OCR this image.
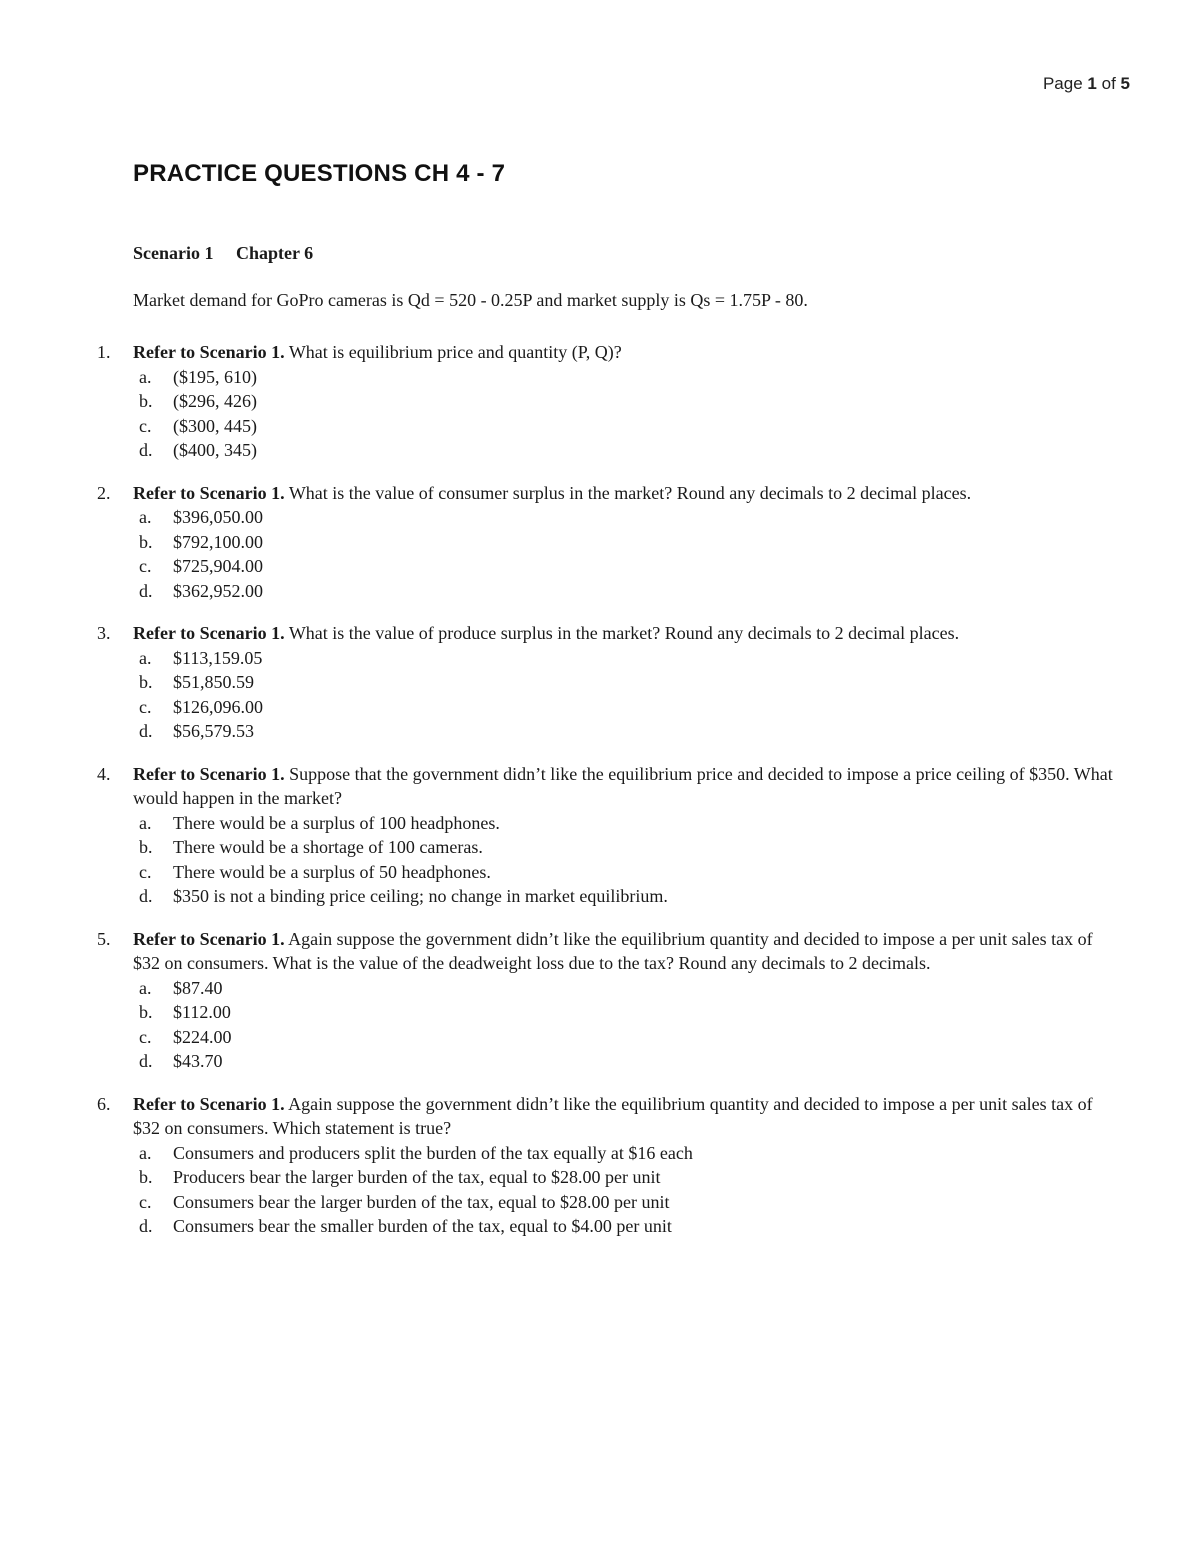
Page 1 of 5
PRACTICE QUESTIONS CH 4 - 7
Scenario 1 Chapter 6
Market demand for GoPro cameras is Qd = 520 - 0.25P and market supply is Qs = 1.75P - 80.
1.	Refer to Scenario 1. What is equilibrium price and quantity (P, Q)?
a. ($195, 610)
b. ($296, 426)
c. ($300, 445)
d. ($400, 345)
2.	Refer to Scenario 1. What is the value of consumer surplus in the market? Round any decimals to 2 decimal places.
a. $396,050.00
b. $792,100.00
c. $725,904.00
d. $362,952.00
3.	Refer to Scenario 1. What is the value of produce surplus in the market? Round any decimals to 2 decimal places.
a. $113,159.05
b. $51,850.59
c. $126,096.00
d. $56,579.53
4.	Refer to Scenario 1. Suppose that the government didn’t like the equilibrium price and decided to impose a price ceiling of $350. What would happen in the market?
a. There would be a surplus of 100 headphones.
b. There would be a shortage of 100 cameras.
c. There would be a surplus of 50 headphones.
d. $350 is not a binding price ceiling; no change in market equilibrium.
5.	Refer to Scenario 1. Again suppose the government didn’t like the equilibrium quantity and decided to impose a per unit sales tax of $32 on consumers. What is the value of the deadweight loss due to the tax? Round any decimals to 2 decimals.
a. $87.40
b. $112.00
c. $224.00
d. $43.70
6.	Refer to Scenario 1. Again suppose the government didn’t like the equilibrium quantity and decided to impose a per unit sales tax of $32 on consumers. Which statement is true?
a. Consumers and producers split the burden of the tax equally at $16 each
b. Producers bear the larger burden of the tax, equal to $28.00 per unit
c. Consumers bear the larger burden of the tax, equal to $28.00 per unit
d. Consumers bear the smaller burden of the tax, equal to $4.00 per unit
